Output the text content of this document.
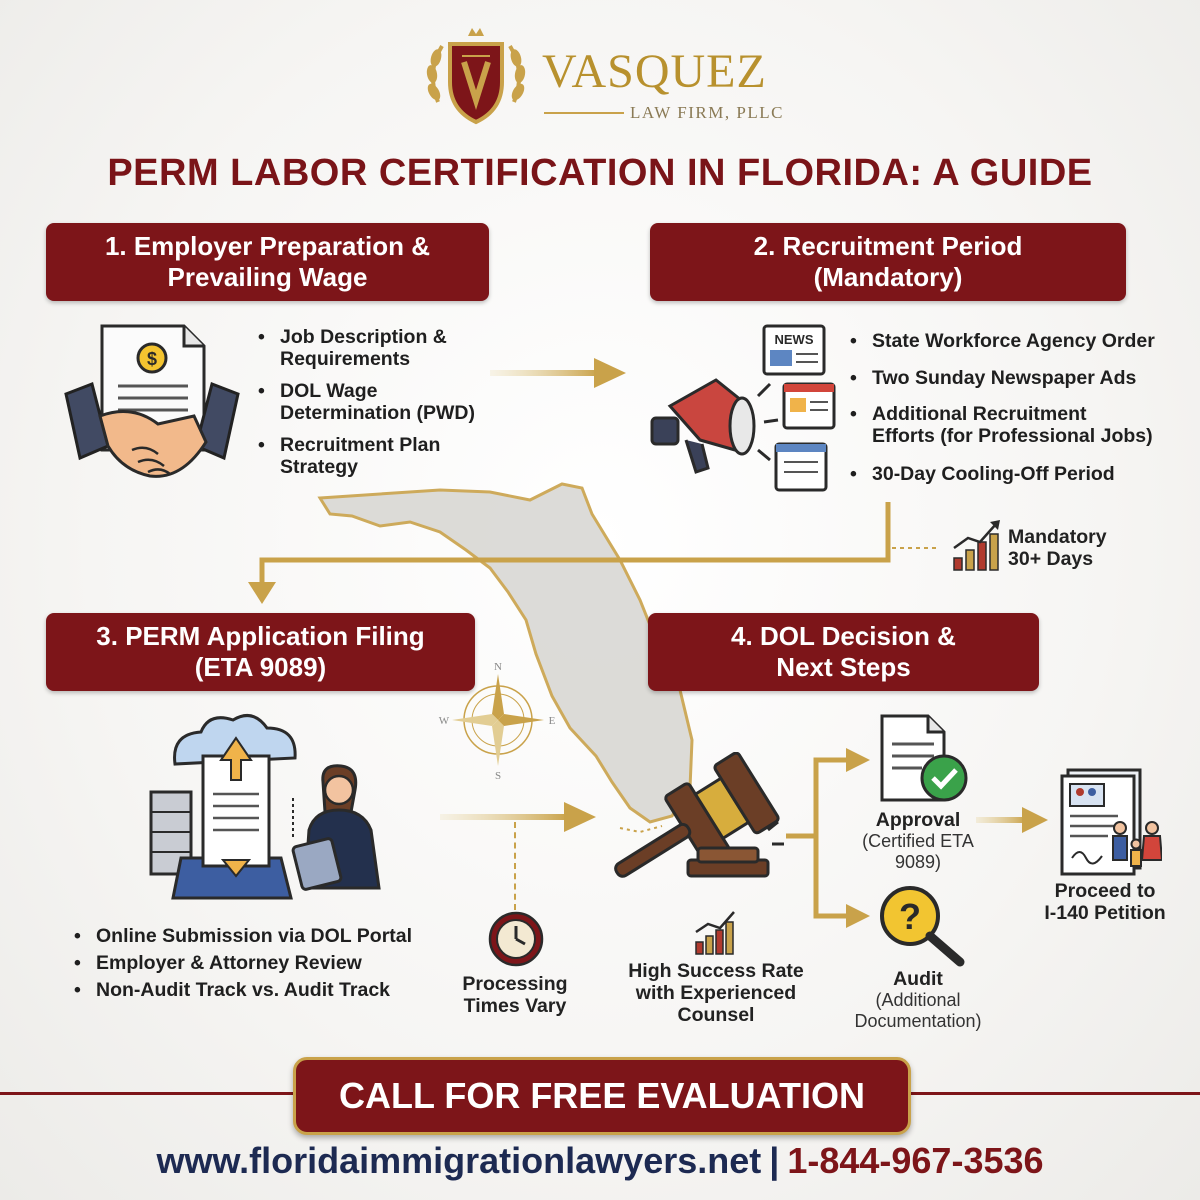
N
S
E
W
VASQUEZ
LAW FIRM, PLLC
PERM LABOR CERTIFICATION IN FLORIDA: A GUIDE
1. Employer Preparation &
Prevailing Wage
$
• Job Description &
Requirements
• DOL Wage
Determination (PWD)
• Recruitment Plan
Strategy
2. Recruitment Period
(Mandatory)
NEWS
•	State Workforce Agency Order
• Two Sunday Newspaper Ads
• Additional Recruitment
Efforts (for Professional Jobs)
• 30-Day Cooling-Off Period
Mandatory
30+ Days
3. PERM Application Filing
(ETA 9089)
• Online Submission via DOL Portal
• Employer & Attorney Review
• Non-Audit Track vs. Audit Track	Processing
Times Vary
4. DOL Decision &
Next Steps
High Success Rate
with Experienced
Counsel
Approval
(Certified ETA
9089)
?
Audit
(Additional
Documentation)
Proceed to
I-140 Petition
CALL FOR FREE EVALUATION
www.floridaimmigrationlawyers.net | 1-844-967-3536
